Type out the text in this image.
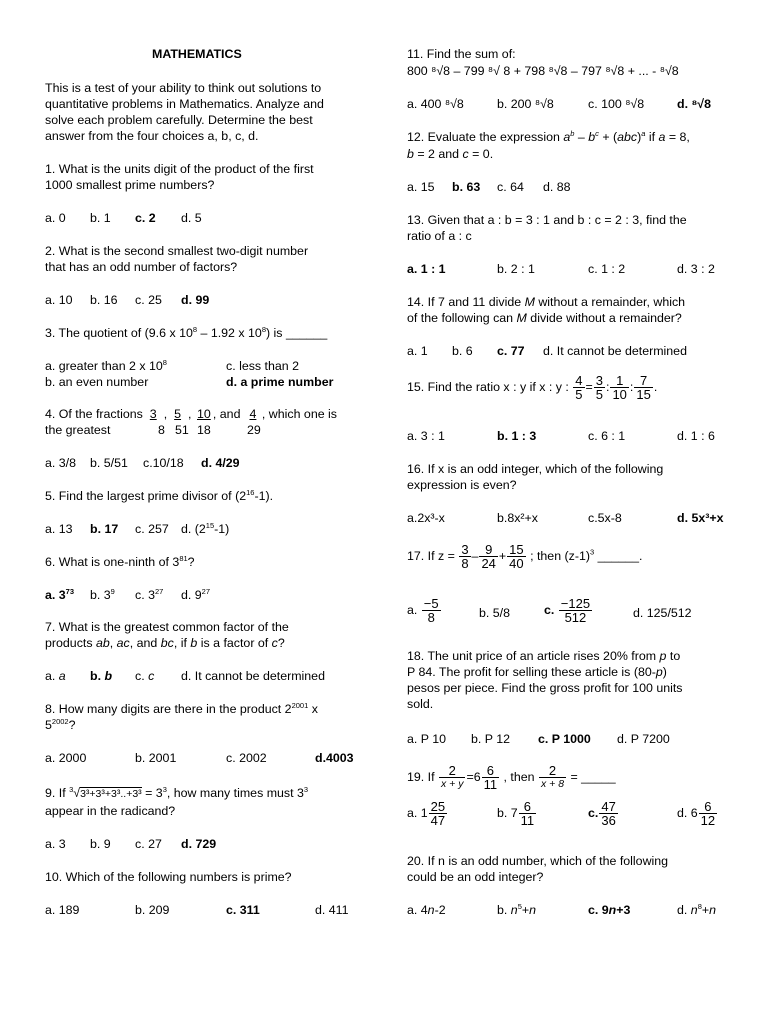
MATHEMATICS
This is a test of your ability to think out solutions to
quantitative problems in Mathematics. Analyze and
solve each problem carefully. Determine the best
answer from the four choices a, b, c, d.
1. What is the units digit of the product of the first
1000 smallest prime numbers?
a. 0 b. 1 c. 2 d. 5
2. What is the second smallest two-digit number
that has an odd number of factors?
a. 10 b. 16 c. 25 d. 99
3. The quotient of (9.6 x $10^8 - 1.92$ x $10^8$) is ______
a. greater than 2 x $10^8$	c. less than 2
b. an even number	d. a prime number
4. Of the fractions 3 , 5 , 10 , and 4 , which one is
the greatest	8 51 18	29
a. 3/8 b. 5/51 c.10/18 d. 4/29
5. Find the largest prime divisor of $(2^{16}-1)$.
a. 13 b. 17 c. 257 d. $(2^{15}-1)$
6. What is one-ninth of $3^{81}$?
a. $3^{73}$ b. $3^9$ c. $3^{27}$ d. $9^{27}$
7. What is the greatest common factor of the
products ab, ac, and bc, if b is a factor of c?
a. a b. b c. c d. It cannot be determined
8. How many digits are there in the product $2^{2001}$ x
$5^{2002}$?
a. 2000	b. 2001	c. 2002	d.4003
9. If $^3√3^3+3^3+3^3..+3^3 = 3^3$, how many times must $3^3$
appear in the radicand?
a. 3 b. 9 c. 27 d. 729
10. Which of the following numbers is prime?
a. 189	b. 209	c. 311	d. 411
11. Find the sum of:
800 ⁸√8 – 799 ⁸√ 8 + 798 ⁸√8 – 797 ⁸√8 + ... - ⁸√8
a. 400 ⁸√8	b. 200 ⁸√8	c. 100 ⁸√8	d. ⁸√8
12. Evaluate the expression $a^b - b^c + (abc)^a$ if a = 8,
b = 2 and c = 0.
a. 15 b. 63 c. 64 d. 88
13. Given that a : b = 3 : 1 and b : c = 2 : 3, find the
ratio of a : c
a. 1 : 1	b. 2 : 1	c. 1 : 2	d. 3 : 2
14. If 7 and 11 divide M without a remainder, which
of the following can M divide without a remainder?
a. 1 b. 6 c. 77 d. It cannot be determined
15. Find the ratio x : y if x : y : $\frac{4}{5} = \frac{3}{5}$ : $\frac{1}{10}$ : $\frac{7}{15}$ .
a. 3 : 1	b. 1 : 3	c. 6 : 1	d. 1 : 6
16. If x is an odd integer, which of the following
expression is even?
a.2x³-x	b.8x²+x	c.5x-8	d. 5x³+x
17. If $z = \frac{3}{8} - \frac{9}{24} + \frac{15}{40}$ ; then $(z-1)^3$ ______.
a. $\frac{-5}{8}$	b. 5/8	c. $\frac{-125}{512}$	d. 125/512
18. The unit price of an article rises 20% from p to
P 84. The profit for selling these article is (80-p)
pesos per piece. Find the gross profit for 100 units
sold.
a. P 10 b. P 12 c. P 1000 d. P 7200
19. If $\frac{2}{x + y} =6 \frac{6}{11}$ , then $\frac{2}{x + 8}$ = _____
a. $1 \frac{25}{47}$	b. $7 \frac{6}{11}$	c. $\frac{47}{36}$	d. $6 \frac{6}{12}$
20. If n is an odd number, which of the following
could be an odd integer?
a. 4n-2	b. $n^5+n$	c. 9n+3	d. $n^8+n$
